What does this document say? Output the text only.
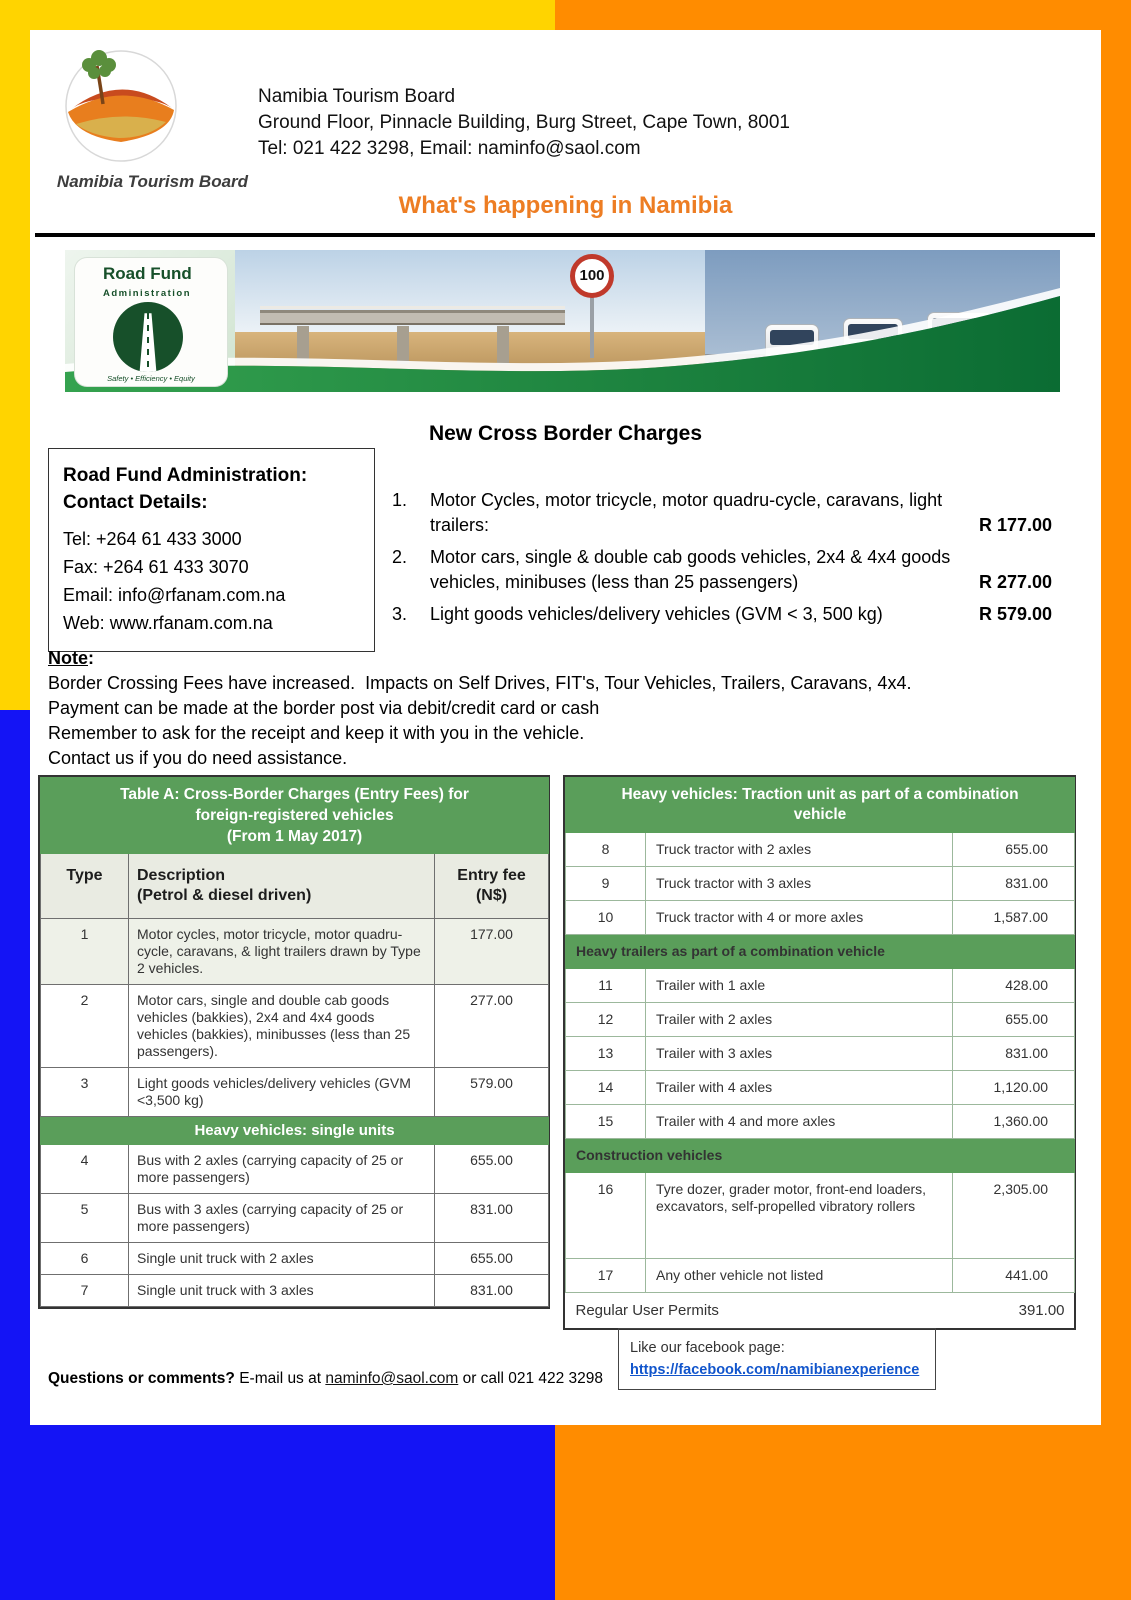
Namibia Tourism Board
Namibia Tourism Board
Ground Floor, Pinnacle Building, Burg Street, Cape Town, 8001
Tel: 021 422 3298, Email: naminfo@saol.com
What's happening in Namibia
100
Road Fund
Administration
Safety • Efficiency • Equity
New Cross Border Charges
Road Fund Administration:
Contact Details:
Tel: +264 61 433 3000
Fax: +264 61 433 3070
Email: info@rfanam.com.na
Web: www.rfanam.com.na
1.	Motor Cycles, motor tricycle, motor quadru-cycle, caravans, light trailers:	R 177.00
2.	Motor cars, single & double cab goods vehicles, 2x4 & 4x4 goods vehicles, minibuses (less than 25 passengers)	R 277.00
3.	Light goods vehicles/delivery vehicles (GVM < 3, 500 kg)	R 579.00

Note:

Border Crossing Fees have increased.  Impacts on Self Drives, FIT's, Tour Vehicles, Trailers, Caravans, 4x4.

Payment can be made at the border post via debit/credit card or cash

Remember to ask for the receipt and keep it with you in the vehicle.

Contact us if you do need assistance.

Table A: Cross-Border Charges (Entry Fees) for
foreign-registered vehicles
(From 1 May 2017)		
Type	Description
(Petrol & diesel driven)	Entry fee
(N$)
1	Motor cycles, motor tricycle, motor quadru-cycle, caravans, & light trailers drawn by Type 2 vehicles.	177.00
2	Motor cars, single and double cab goods vehicles (bakkies), 2x4 and 4x4 goods vehicles (bakkies), minibusses (less than 25 passengers).	277.00
3	Light goods vehicles/delivery vehicles (GVM <3,500 kg)	579.00
Heavy vehicles: single units		
4	Bus with 2 axles (carrying capacity of 25 or more passengers)	655.00
5	Bus with 3 axles (carrying capacity of 25 or more passengers)	831.00
6	Single unit truck with 2 axles	655.00
7	Single unit truck with 3 axles	831.00
Heavy vehicles: Traction unit as part of a combination vehicle		
8	Truck tractor with 2 axles	655.00
9	Truck tractor with 3 axles	831.00
10	Truck tractor with 4 or more axles	1,587.00
Heavy trailers as part of a combination vehicle		
11	Trailer with 1 axle	428.00
12	Trailer with 2 axles	655.00
13	Trailer with 3 axles	831.00
14	Trailer with 4 axles	1,120.00
15	Trailer with 4 and more axles	1,360.00
Construction vehicles		
16	Tyre dozer, grader motor, front-end loaders, excavators, self-propelled vibratory rollers	2,305.00
17	Any other vehicle not listed	441.00
Regular User Permits		391.00
Questions or comments? E-mail us at naminfo@saol.com or call 021 422 3298
Like our facebook page:
https://facebook.com/namibianexperience
